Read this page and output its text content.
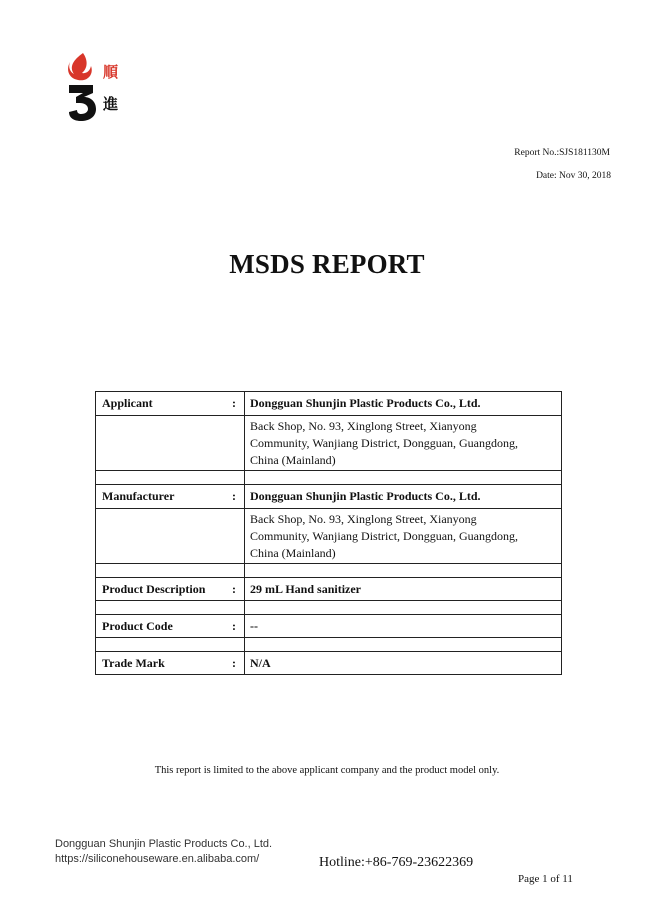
順
進
Report No.:SJS181130M
Date: Nov 30, 2018
MSDS REPORT
Applicant :	Dongguan Shunjin Plastic Products Co., Ltd.

	Back Shop, No. 93, Xinglong Street, Xianyong
Community, Wanjiang District, Dongguan, Guangdong,
China (Mainland)

Manufacturer :	Dongguan Shunjin Plastic Products Co., Ltd.

	Back Shop, No. 93, Xinglong Street, Xianyong
Community, Wanjiang District, Dongguan, Guangdong,
China (Mainland)

Product Description :	29 mL Hand sanitizer

Product Code :	--

Trade Mark :	N/A
This report is limited to the above applicant company and the product model only.
Dongguan Shunjin Plastic Products Co., Ltd.
https://siliconehouseware.en.alibaba.com/	Hotline:+86-769-23622369
Page 1 of 11
